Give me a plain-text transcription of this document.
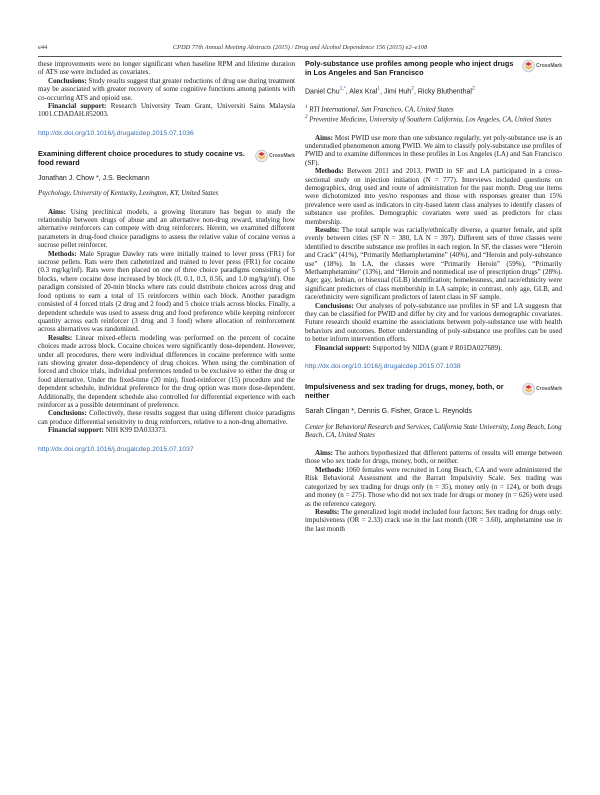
e44	CPDD 77th Annual Meeting Abstracts (2015) / Drug and Alcohol Dependence 156 (2015) e2–e108

these improvements were no longer significant when baseline RPM and lifetime duration of ATS use were included as covariates.

Conclusions: Study results suggest that greater reductions of drug use during treatment may be associated with greater recovery of some cognitive functions among patients with co-occurring ATS and opioid use.

Financial support: Research University Team Grant, Universiti Sains Malaysia 1001.CDADAH.852003.

http://dx.doi.org/10.1016/j.drugalcdep.2015.07.1036

Examining different choice procedures to study cocaine vs. food reward
CrossMark
Jonathan J. Chow *, J.S. Beckmann
Psychology, University of Kentucky, Lexington, KY, United States

Aims: Using preclinical models, a growing literature has begun to study the relationship between drugs of abuse and an alternative non-drug reward, studying how alternative reinforcers can compete with drug reinforcers. Herein, we examined different parameters in drug-food choice paradigms to assess the relative value of cocaine versus a sucrose pellet reinforcer.

Methods: Male Sprague Dawley rats were initially trained to lever press (FR1) for sucrose pellets. Rats were then catheterized and trained to lever press (FR1) for cocaine (0.3 mg/kg/inf). Rats were then placed on one of three choice paradigms consisting of 5 blocks, where cocaine dose increased by block (0, 0.1, 0.3, 0.56, and 1.0 mg/kg/inf). One paradigm consisted of 20-min blocks where rats could distribute choices across drug and food options to earn a total of 15 reinforcers within each block. Another paradigm consisted of 4 forced trials (2 drug and 2 food) and 5 choice trials across blocks. Finally, a dependent schedule was used to assess drug and food preference while keeping reinforcer quantity across each reinforcer (3 drug and 3 food) where allocation of reinforcement across alternatives was randomized.

Results: Linear mixed-effects modeling was performed on the percent of cocaine choices made across block. Cocaine choices were significantly dose-dependent. However, under all procedures, there were individual differences in cocaine preference with some rats showing greater dose-dependency of drug choices. When using the combination of forced and choice trials, individual preferences tended to be exclusive to either the drug or food alternative. Under the fixed-time (20 min), fixed-reinforcer (15) procedure and the dependent schedule, individual preference for the drug option was more dose-dependent. Additionally, the dependent schedule also controlled for differential experience with each reinforcer as a possible determinant of preference.

Conclusions: Collectively, these results suggest that using different choice paradigms can produce differential sensitivity to drug reinforcers, relative to a non-drug alternative.

Financial support: NIH K99 DA033373.

http://dx.doi.org/10.1016/j.drugalcdep.2015.07.1037

Poly-substance use profiles among people who inject drugs in Los Angeles and San Francisco
CrossMark
Daniel Chu$^{1,*}$, Alex Kral$^1$, Jimi Huh$^2$, Ricky Bluthenthal$^2$
$^1$ RTI International, San Francisco, CA, United States
$^2$ Preventive Medicine, University of Southern California, Los Angeles, CA, United States

Aims: Most PWID use more than one substance regularly, yet poly-substance use is an understudied phenomenon among PWID. We aim to classify poly-substance use profiles of PWID and to examine differences in these profiles in Los Angeles (LA) and San Francisco (SF).

Methods: Between 2011 and 2013, PWID in SF and LA participated in a cross-sectional study on injection initiation (N = 777). Interviews included questions on demographics, drug used and route of administration for the past month. Drug use items were dichotomized into yes/no responses and those with responses greater than 15% prevalence were used as indicators in city-based latent class analyses to identify classes of substance use profiles. Demographic covariates were used as predictors for class membership.

Results: The total sample was racially/ethnically diverse, a quarter female, and split evenly between cities (SF N = 380, LA N = 397). Different sets of three classes were identified to describe substance use profiles in each region. In SF, the classes were “Heroin and Crack” (41%), “Primarily Methamphetamine” (40%), and “Heroin and poly-substance use” (18%). In LA, the classes were “Primarily Heroin” (59%), “Primarily Methamphetamine” (13%), and “Heroin and nonmedical use of prescription drugs” (28%). Age; gay, lesbian, or bisexual (GLB) identification; homelessness, and race/ethnicity were significant predictors of class membership in LA sample; in contrast, only age, GLB, and race/ethnicity were significant predictors of latent class in SF sample.

Conclusions: Our analyses of poly-substance use profiles in SF and LA suggests that they can be classified for PWID and differ by city and for various demographic covariates. Future research should examine the associations between poly-substance use with health behaviors and outcomes. Better understanding of poly-substance use profiles can be used to better inform intervention efforts.

Financial support: Supported by NIDA (grant # R01DA027689).

http://dx.doi.org/10.1016/j.drugalcdep.2015.07.1038

Impulsiveness and sex trading for drugs, money, both, or neither
CrossMark
Sarah Clingan *, Dennis G. Fisher, Grace L. Reynolds
Center for Behavioral Research and Services, California State University, Long Beach, Long Beach, CA, United States

Aims: The authors hypothesized that different patterns of results will emerge between those who sex trade for drugs, money, both, or neither.

Methods: 1060 females were recruited in Long Beach, CA and were administered the Risk Behavioral Assessment and the Barratt Impulsivity Scale. Sex trading was categorized by sex trading for drugs only (n = 35), money only (n = 124), or both drugs and money (n = 275). Those who did not sex trade for drugs or money (n = 626) were used as the reference category.

Results: The generalized logit model included four factors: Sex trading for drugs only: impulsiveness (OR = 2.33) crack use in the last month (OR = 3.60), amphetamine use in the last month
